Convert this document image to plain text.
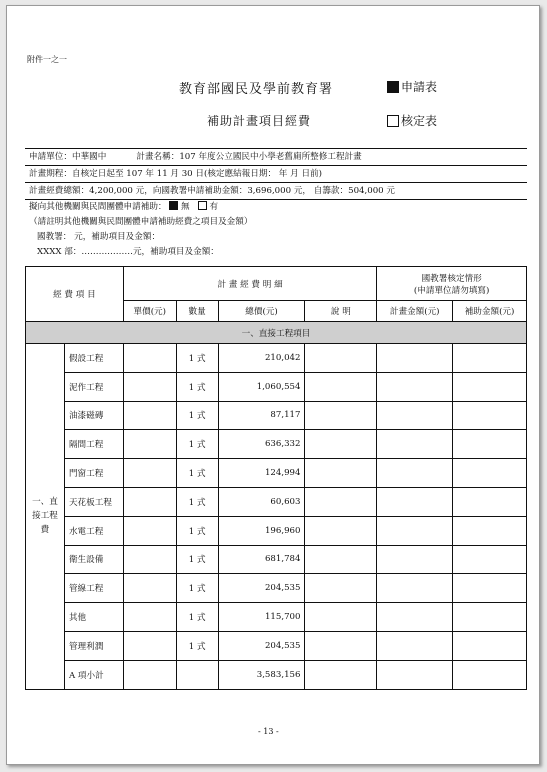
附件一之一
教育部國民及學前教育署	申請表
補助計畫項目經費	核定表
申請單位：中華國中	計畫名稱：107 年度公立國民中小學老舊廁所整修工程計畫
計畫期程：自核定日起至 107 年 11 月 30 日(核定應結報日期： 年 月 日前)
計畫經費總額：4,200,000 元，向國教署申請補助金額：3,696,000 元， 自籌款：504,000 元
擬向其他機關與民間團體申請補助： 無 有
（請註明其他機關與民間團體申請補助經費之項目及金額）
國教署： 元，補助項目及金額：
XXXX 部：………………元，補助項目及金額：
經 費 項 目		計 畫 經 費 明 細				國教署核定情形
(申請單位請勿填寫)	

		單價(元)	數量	總價(元)	說 明	計畫金額(元)	補助金額(元)
一、直接工程項目							

一、直
接工程
費	假設工程		1 式	210,042			
	泥作工程		1 式	1,060,554			
	油漆磁磚		1 式	87,117			
	隔間工程		1 式	636,332			
	門窗工程		1 式	124,994			
	天花板工程		1 式	60,603			
	水電工程		1 式	196,960			
	衛生設備		1 式	681,784			
	管線工程		1 式	204,535			
	其他		1 式	115,700			
	管理利潤		1 式	204,535			
	A 項小計			3,583,156			
- 13 -
